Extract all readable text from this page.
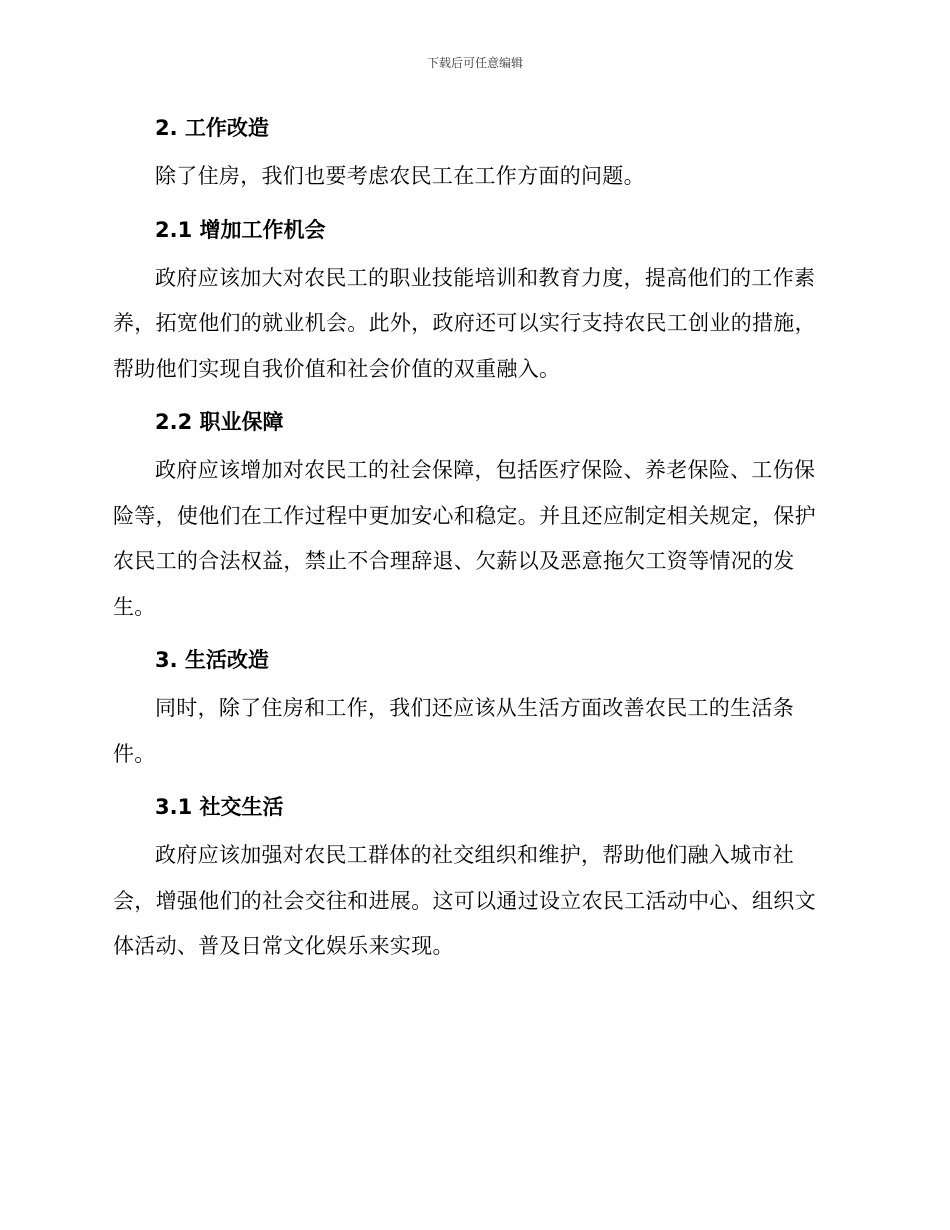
下载后可任意编辑
2. 工作改造

除了住房，我们也要考虑农民工在工作方面的问题。

2.1 增加工作机会

政府应该加大对农民工的职业技能培训和教育力度，提高他们的工作素养，拓宽他们的就业机会。此外，政府还可以实行支持农民工创业的措施，帮助他们实现自我价值和社会价值的双重融入。

2.2 职业保障

政府应该增加对农民工的社会保障，包括医疗保险、养老保险、工伤保险等，使他们在工作过程中更加安心和稳定。并且还应制定相关规定，保护农民工的合法权益，禁止不合理辞退、欠薪以及恶意拖欠工资等情况的发生。

3. 生活改造

同时，除了住房和工作，我们还应该从生活方面改善农民工的生活条件。

3.1 社交生活

政府应该加强对农民工群体的社交组织和维护，帮助他们融入城市社会，增强他们的社会交往和进展。这可以通过设立农民工活动中心、组织文体活动、普及日常文化娱乐来实现。
